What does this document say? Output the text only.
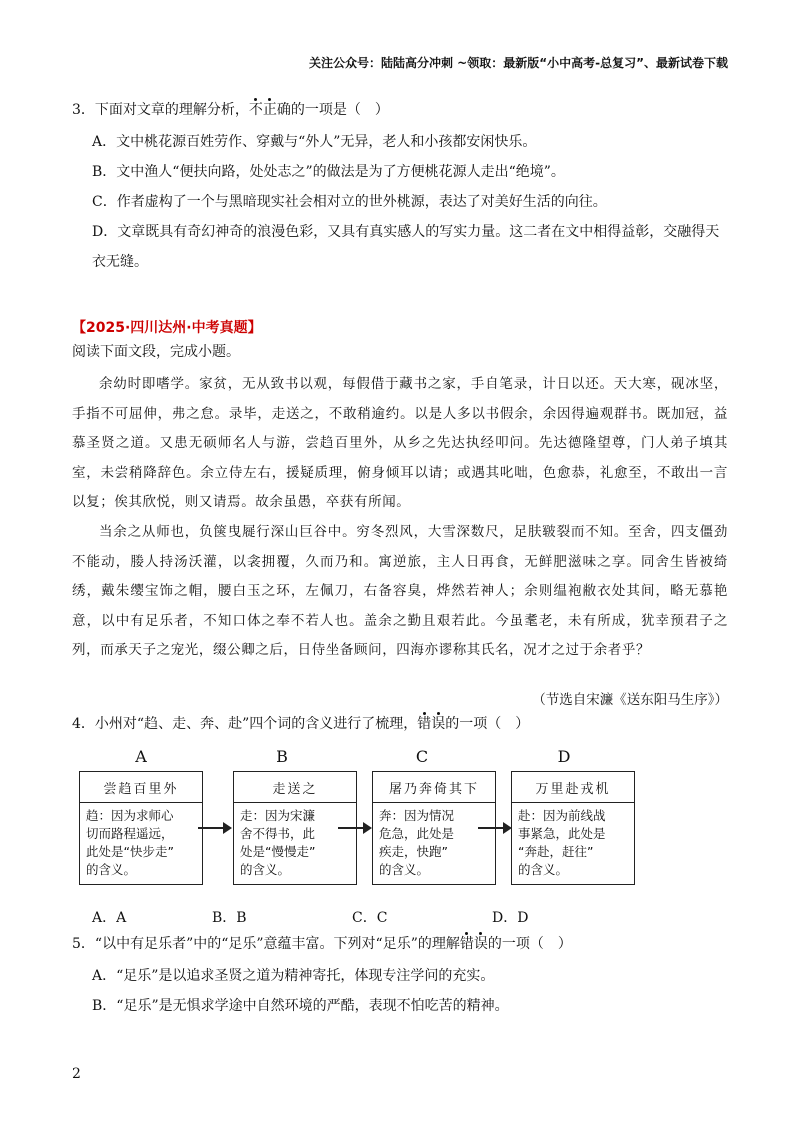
关注公众号：陆陆高分冲刺 ~领取：最新版“小中高考-总复习”、最新试卷下载
3．下面对文章的理解分析，不正确的一项是（　）
A．文中桃花源百姓劳作、穿戴与“外人”无异，老人和小孩都安闲快乐。
B．文中渔人“便扶向路，处处志之”的做法是为了方便桃花源人走出“绝境”。
C．作者虚构了一个与黑暗现实社会相对立的世外桃源，表达了对美好生活的向往。
D．文章既具有奇幻神奇的浪漫色彩，又具有真实感人的写实力量。这二者在文中相得益彰，交融得天
衣无缝。
【2025·四川达州·中考真题】
阅读下面文段，完成小题。

余幼时即嗜学。家贫，无从致书以观，每假借于藏书之家，手自笔录，计日以还。天大寒，砚冰坚，手指不可屈伸，弗之怠。录毕，走送之，不敢稍逾约。以是人多以书假余，余因得遍观群书。既加冠，益慕圣贤之道。又患无硕师名人与游，尝趋百里外，从乡之先达执经叩问。先达德隆望尊，门人弟子填其室，未尝稍降辞色。余立侍左右，援疑质理，俯身倾耳以请；或遇其叱咄，色愈恭，礼愈至，不敢出一言以复；俟其欣悦，则又请焉。故余虽愚，卒获有所闻。

当余之从师也，负箧曳屣行深山巨谷中。穷冬烈风，大雪深数尺，足肤皲裂而不知。至舍，四支僵劲不能动，媵人持汤沃灌，以衾拥覆，久而乃和。寓逆旅，主人日再食，无鲜肥滋味之享。同舍生皆被绮绣，戴朱缨宝饰之帽，腰白玉之环，左佩刀，右备容臭，烨然若神人；余则缊袍敝衣处其间，略无慕艳意，以中有足乐者，不知口体之奉不若人也。盖余之勤且艰若此。今虽耄老，未有所成，犹幸预君子之列，而承天子之宠光，缀公卿之后，日侍坐备顾问，四海亦谬称其氏名，况才之过于余者乎？

（节选自宋濂《送东阳马生序》）
4．小州对“趋、走、奔、赴”四个词的含义进行了梳理，错误的一项（　）
A	B	C	D
尝趋百里外
趋：因为求师心
切而路程遥远，
此处是“快步走”
的含义。
走送之
走：因为宋濂
舍不得书，此
处是“慢慢走”
的含义。
屠乃奔倚其下
奔：因为情况
危急，此处是
疾走，快跑”
的含义。
万里赴戎机
赴：因为前线战
事紧急，此处是
“奔赴，赶往”
的含义。
A．A	B．B	C．C	D．D
5．“以中有足乐者”中的“足乐”意蕴丰富。下列对“足乐”的理解错误的一项（　）
A．“足乐”是以追求圣贤之道为精神寄托，体现专注学问的充实。
B．“足乐”是无惧求学途中自然环境的严酷，表现不怕吃苦的精神。
2
